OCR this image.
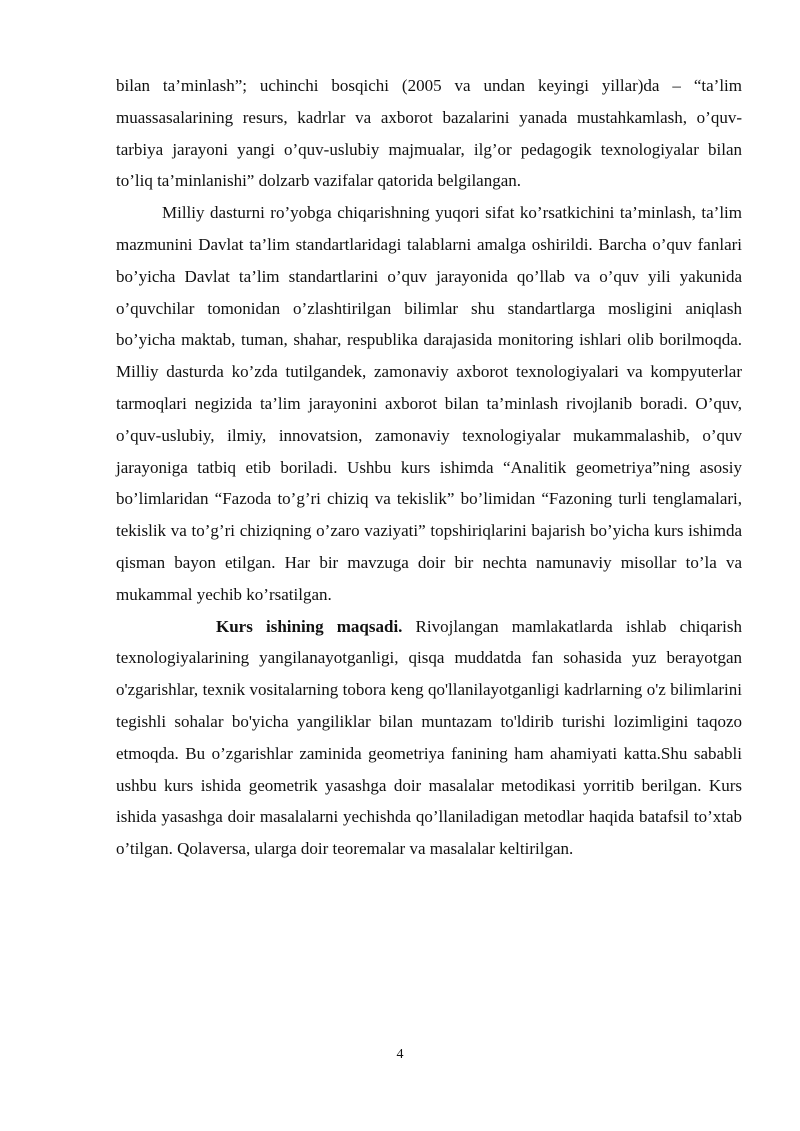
bilan ta’minlash”; uchinchi bosqichi (2005 va undan keyingi yillar)da – “ta’lim muassasalarining resurs, kadrlar va axborot bazalarini yanada mustahkamlash, o’quv-tarbiya jarayoni yangi o’quv-uslubiy majmualar, ilg’or pedagogik texnologiyalar bilan to’liq ta’minlanishi” dolzarb vazifalar qatorida belgilangan.

Milliy dasturni ro’yobga chiqarishning yuqori sifat ko’rsatkichini ta’minlash, ta’lim mazmunini Davlat ta’lim standartlaridagi talablarni amalga oshirildi. Barcha o’quv fanlari bo’yicha Davlat ta’lim standartlarini o’quv jarayonida qo’llab va o’quv yili yakunida o’quvchilar tomonidan o’zlashtirilgan bilimlar shu standartlarga mosligini aniqlash bo’yicha maktab, tuman, shahar, respublika darajasida monitoring ishlari olib borilmoqda. Milliy dasturda ko’zda tutilgandek, zamonaviy axborot texnologiyalari va kompyuterlar tarmoqlari negizida ta’lim jarayonini axborot bilan ta’minlash rivojlanib boradi. O’quv, o’quv-uslubiy, ilmiy, innovatsion, zamonaviy texnologiyalar mukammalashib, o’quv jarayoniga tatbiq etib boriladi. Ushbu kurs ishimda “Analitik geometriya”ning asosiy bo’limlaridan “Fazoda to’g’ri chiziq va tekislik” bo’limidan “Fazoning turli tenglamalari, tekislik va to’g’ri chiziqning o’zaro vaziyati” topshiriqlarini bajarish bo’yicha kurs ishimda qisman bayon etilgan. Har bir mavzuga doir bir nechta namunaviy misollar to’la va mukammal yechib ko’rsatilgan.

Kurs ishining maqsadi. Rivojlangan mamlakatlarda ishlab chiqarish texnologiyalarining yangilanayotganligi, qisqa muddatda fan sohasida yuz berayotgan o'zgarishlar, texnik vositalarning tobora keng qo'llanilayotganligi kadrlarning o'z bilimlarini tegishli sohalar bo'yicha yangiliklar bilan muntazam to'ldirib turishi lozimligini taqozo etmoqda. Bu o’zgarishlar zaminida geometriya fanining ham ahamiyati katta.Shu sababli ushbu kurs ishida geometrik yasashga doir masalalar metodikasi yorritib berilgan. Kurs ishida yasashga doir masalalarni yechishda qo’llaniladigan metodlar haqida batafsil to’xtab o’tilgan. Qolaversa, ularga doir teoremalar va masalalar keltirilgan.

4
